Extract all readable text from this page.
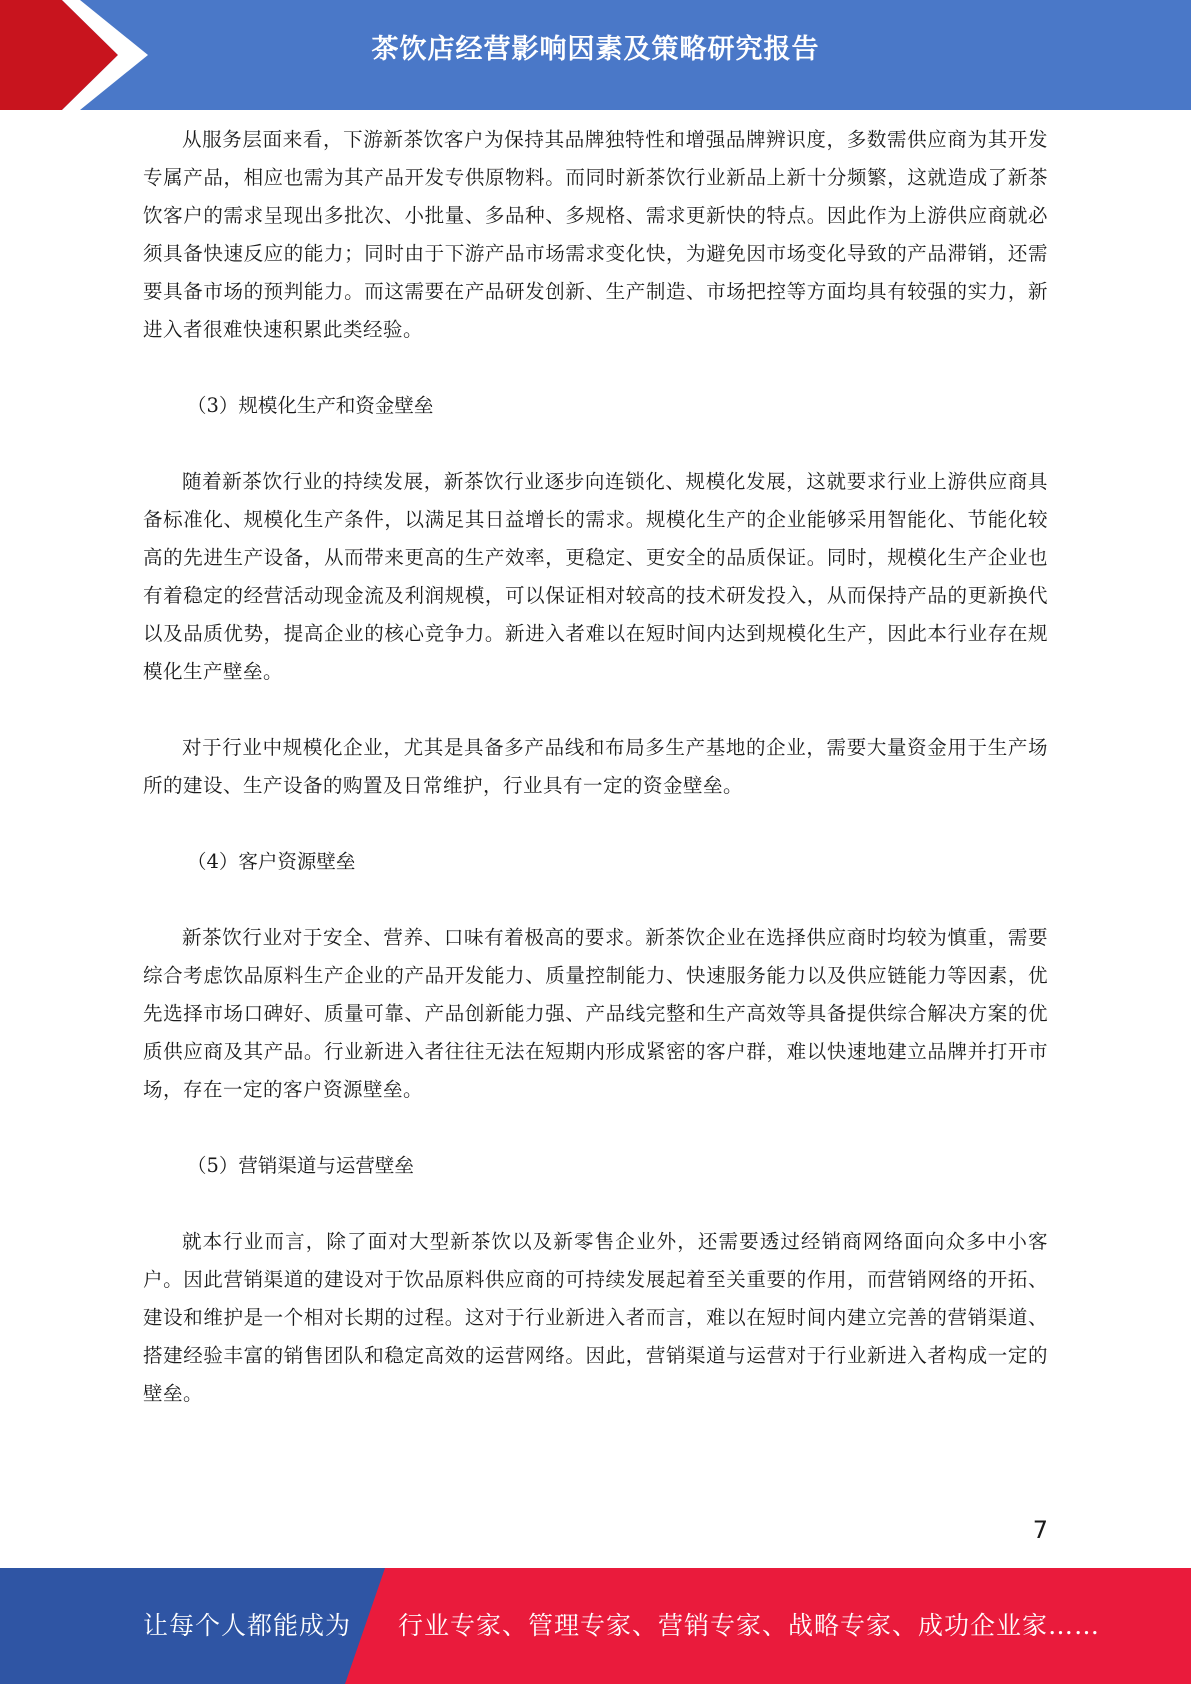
茶饮店经营影响因素及策略研究报告

从服务层面来看，下游新茶饮客户为保持其品牌独特性和增强品牌辨识度，多数需供应商为其开发专属产品，相应也需为其产品开发专供原物料。而同时新茶饮行业新品上新十分频繁，这就造成了新茶饮客户的需求呈现出多批次、小批量、多品种、多规格、需求更新快的特点。因此作为上游供应商就必须具备快速反应的能力；同时由于下游产品市场需求变化快，为避免因市场变化导致的产品滞销，还需要具备市场的预判能力。而这需要在产品研发创新、生产制造、市场把控等方面均具有较强的实力，新进入者很难快速积累此类经验。

（3）规模化生产和资金壁垒

随着新茶饮行业的持续发展，新茶饮行业逐步向连锁化、规模化发展，这就要求行业上游供应商具备标准化、规模化生产条件，以满足其日益增长的需求。规模化生产的企业能够采用智能化、节能化较高的先进生产设备，从而带来更高的生产效率，更稳定、更安全的品质保证。同时，规模化生产企业也有着稳定的经营活动现金流及利润规模，可以保证相对较高的技术研发投入，从而保持产品的更新换代以及品质优势，提高企业的核心竞争力。新进入者难以在短时间内达到规模化生产，因此本行业存在规模化生产壁垒。

对于行业中规模化企业，尤其是具备多产品线和布局多生产基地的企业，需要大量资金用于生产场所的建设、生产设备的购置及日常维护，行业具有一定的资金壁垒。

（4）客户资源壁垒

新茶饮行业对于安全、营养、口味有着极高的要求。新茶饮企业在选择供应商时均较为慎重，需要综合考虑饮品原料生产企业的产品开发能力、质量控制能力、快速服务能力以及供应链能力等因素，优先选择市场口碑好、质量可靠、产品创新能力强、产品线完整和生产高效等具备提供综合解决方案的优质供应商及其产品。行业新进入者往往无法在短期内形成紧密的客户群，难以快速地建立品牌并打开市场，存在一定的客户资源壁垒。

（5）营销渠道与运营壁垒

就本行业而言，除了面对大型新茶饮以及新零售企业外，还需要透过经销商网络面向众多中小客户。因此营销渠道的建设对于饮品原料供应商的可持续发展起着至关重要的作用，而营销网络的开拓、建设和维护是一个相对长期的过程。这对于行业新进入者而言，难以在短时间内建立完善的营销渠道、搭建经验丰富的销售团队和稳定高效的运营网络。因此，营销渠道与运营对于行业新进入者构成一定的壁垒。

7
让每个人都能成为 行业专家、管理专家、营销专家、战略专家、成功企业家……
